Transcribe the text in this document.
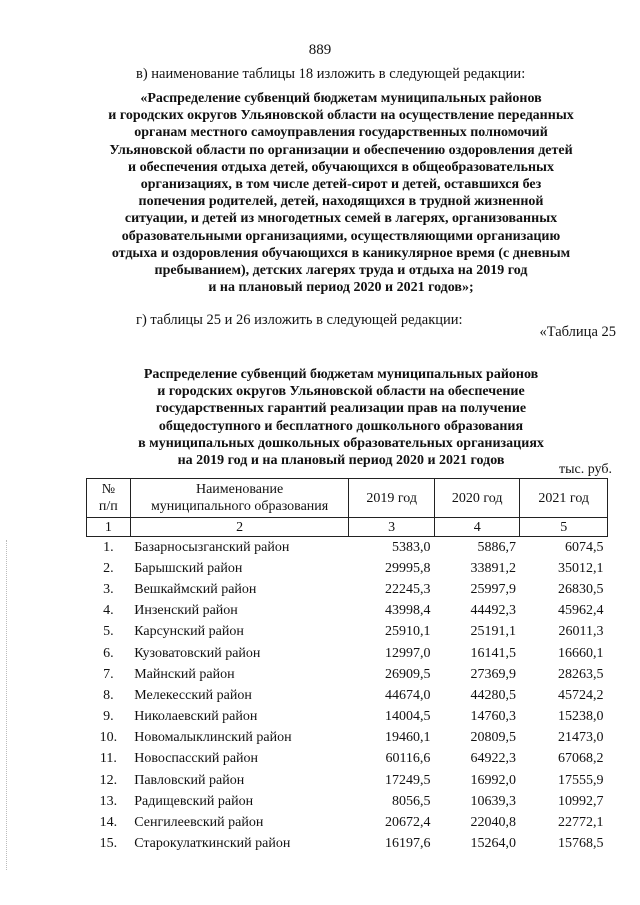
889
в) наименование таблицы 18 изложить в следующей редакции:
«Распределение субвенций бюджетам муниципальных районов
и городских округов Ульяновской области на осуществление переданных
органам местного самоуправления государственных полномочий
Ульяновской области по организации и обеспечению оздоровления детей
и обеспечения отдыха детей, обучающихся в общеобразовательных
организациях, в том числе детей-сирот и детей, оставшихся без
попечения родителей, детей, находящихся в трудной жизненной
ситуации, и детей из многодетных семей в лагерях, организованных
образовательными организациями, осуществляющими организацию
отдыха и оздоровления обучающихся в каникулярное время (с дневным
пребыванием), детских лагерях труда и отдыха на 2019 год
и на плановый период 2020 и 2021 годов»;
г) таблицы 25 и 26 изложить в следующей редакции:
«Таблица 25
Распределение субвенций бюджетам муниципальных районов
и городских округов Ульяновской области на обеспечение
государственных гарантий реализации прав на получение
общедоступного и бесплатного дошкольного образования
в муниципальных дошкольных образовательных организациях
на 2019 год и на плановый период 2020 и 2021 годов
тыс. руб.
№
п/п	Наименование
муниципального образования	2019 год	2020 год	2021 год
1	2	3	4	5
1.	Базарносызганский район	5383,0	5886,7	6074,5
2.	Барышский район	29995,8	33891,2	35012,1
3.	Вешкаймский район	22245,3	25997,9	26830,5
4.	Инзенский район	43998,4	44492,3	45962,4
5.	Карсунский район	25910,1	25191,1	26011,3
6.	Кузоватовский район	12997,0	16141,5	16660,1
7.	Майнский район	26909,5	27369,9	28263,5
8.	Мелекесский район	44674,0	44280,5	45724,2
9.	Николаевский район	14004,5	14760,3	15238,0
10.	Новомалыклинский район	19460,1	20809,5	21473,0
11.	Новоспасский район	60116,6	64922,3	67068,2
12.	Павловский район	17249,5	16992,0	17555,9
13.	Радищевский район	8056,5	10639,3	10992,7
14.	Сенгилеевский район	20672,4	22040,8	22772,1
15.	Старокулаткинский район	16197,6	15264,0	15768,5
